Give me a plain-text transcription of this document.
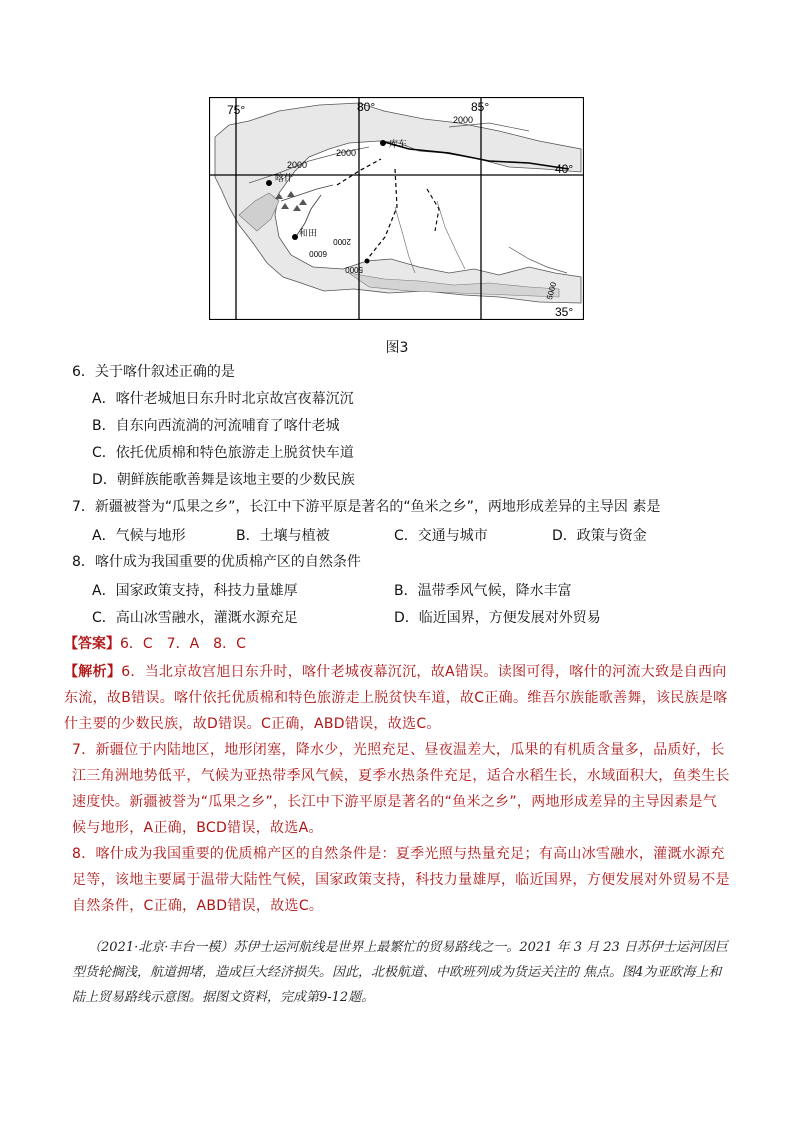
75°	80°	85°
40°
35°
2000
2000
2000
2000
6000
5000
5000
库车
喀什
和田
图3
6．关于喀什叙述正确的是
A．喀什老城旭日东升时北京故宫夜幕沉沉
B．自东向西流淌的河流哺育了喀什老城
C．依托优质棉和特色旅游走上脱贫快车道
D．朝鲜族能歌善舞是该地主要的少数民族
7．新疆被誉为“瓜果之乡”，长江中下游平原是著名的“鱼米之乡”，两地形成差异的主导因 素是
A．气候与地形	B．土壤与植被	C．交通与城市	D．政策与资金
8．喀什成为我国重要的优质棉产区的自然条件
A．国家政策支持，科技力量雄厚	B．温带季风气候，降水丰富
C．高山冰雪融水，灌溉水源充足	D．临近国界，方便发展对外贸易
【答案】6．C　7．A　8．C
【解析】6．当北京故宫旭日东升时，喀什老城夜幕沉沉，故A错误。读图可得，喀什的河流大致是自西向东流，故B错误。喀什依托优质棉和特色旅游走上脱贫快车道，故C正确。维吾尔族能歌善舞，该民族是喀什主要的少数民族，故D错误。C正确，ABD错误，故选C。
7．新疆位于内陆地区，地形闭塞，降水少，光照充足、昼夜温差大，瓜果的有机质含量多，品质好，长江三角洲地势低平，气候为亚热带季风气候，夏季水热条件充足，适合水稻生长，水域面积大，鱼类生长速度快。新疆被誉为“瓜果之乡”，长江中下游平原是著名的“鱼米之乡”，两地形成差异的主导因素是气候与地形，A正确，BCD错误，故选A。
8．喀什成为我国重要的优质棉产区的自然条件是：夏季光照与热量充足；有高山冰雪融水，灌溉水源充足等，该地主要属于温带大陆性气候，国家政策支持，科技力量雄厚，临近国界，方便发展对外贸易不是自然条件，C正确，ABD错误，故选C。
（2021·北京·丰台一模）苏伊士运河航线是世界上最繁忙的贸易路线之一。2021 年 3 月 23 日苏伊士运河因巨 型货轮搁浅，航道拥堵，造成巨大经济损失。因此，北极航道、中欧班列成为货运关注的 焦点。图4为亚欧海上和陆上贸易路线示意图。据图文资料，完成第9-12题。
